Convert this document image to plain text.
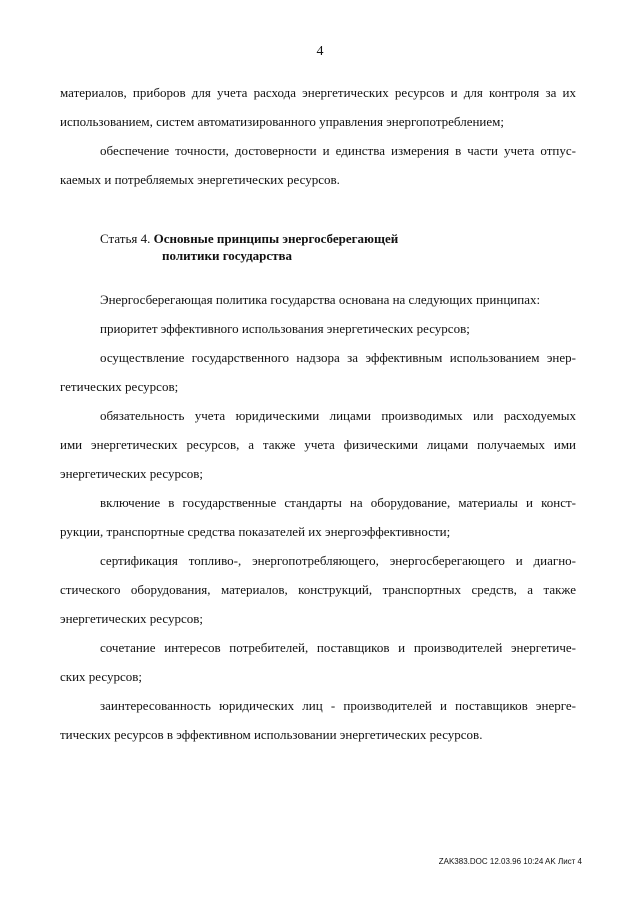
4
материалов, приборов для учета расхода энергетических ресурсов и для контроля за их
использованием, систем автоматизированного управления энергопотреблением;
обеспечение точности, достоверности и единства измерения в части учета отпус-
каемых и потребляемых энергетических ресурсов.
Статья 4. Основные принципы энергосберегающей
политики государства
Энергосберегающая политика государства основана на следующих принципах:
приоритет эффективного использования энергетических ресурсов;
осуществление государственного надзора за эффективным использованием энер-
гетических ресурсов;
обязательность учета юридическими лицами производимых или расходуемых
ими энергетических ресурсов, а также учета физическими лицами получаемых ими
энергетических ресурсов;
включение в государственные стандарты на оборудование, материалы и конст-
рукции, транспортные средства показателей их энергоэффективности;
сертификация топливо-, энергопотребляющего, энергосберегающего и диагно-
стического оборудования, материалов, конструкций, транспортных средств, а также
энергетических ресурсов;
сочетание интересов потребителей, поставщиков и производителей энергетиче-
ских ресурсов;
заинтересованность юридических лиц - производителей и поставщиков энерге-
тических ресурсов в эффективном использовании энергетических ресурсов.
ZAK383.DOC 12.03.96 10:24 AK Лист 4
